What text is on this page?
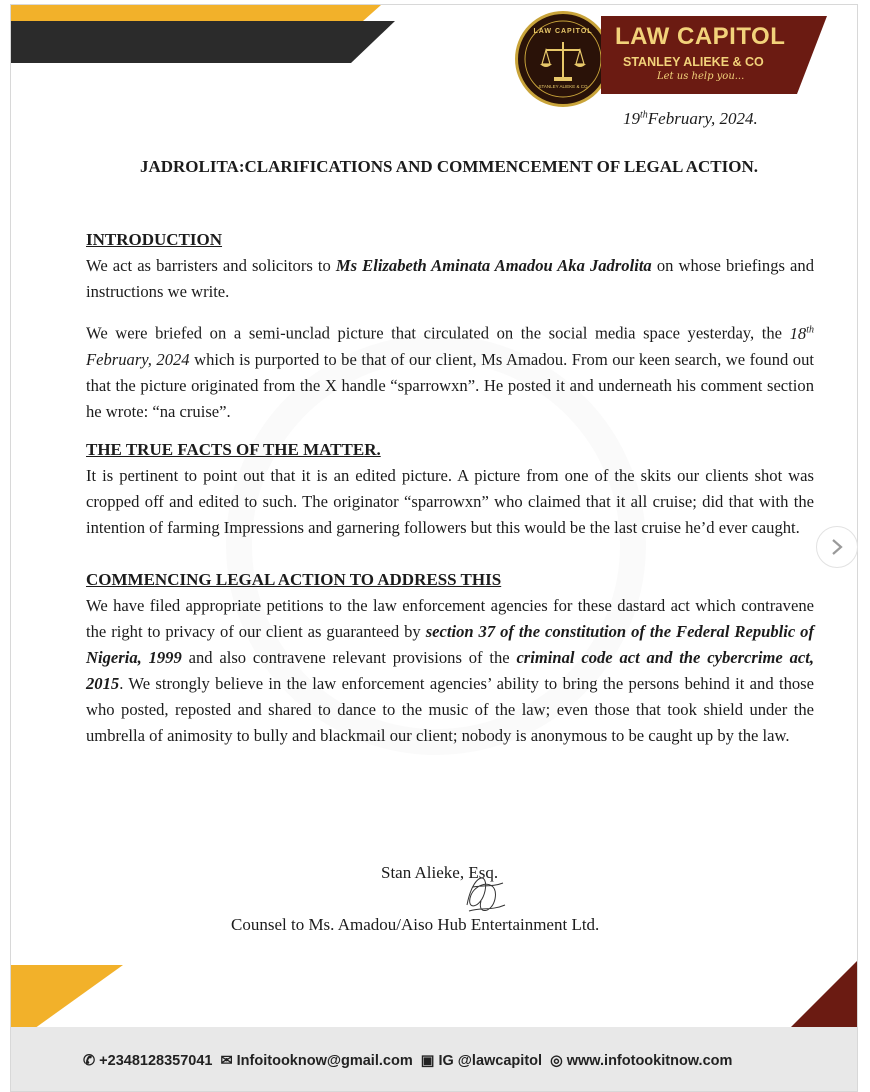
LAW CAPITOL
STANLEY ALIEKE & CO
LAW CAPITOL
STANLEY ALIEKE & CO
Let us help you...
19thFebruary, 2024.
JADROLITA:CLARIFICATIONS AND COMMENCEMENT OF LEGAL ACTION.
INTRODUCTION

We act as barristers and solicitors to Ms Elizabeth Aminata Amadou Aka Jadrolita on whose briefings and instructions we write.

We were briefed on a semi-unclad picture that circulated on the social media space yesterday, the 18th February, 2024 which is purported to be that of our client, Ms Amadou. From our keen search, we found out that the picture originated from the X handle “sparrowxn”. He posted it and underneath his comment section he wrote: “na cruise”.

THE TRUE FACTS OF THE MATTER.

It is pertinent to point out that it is an edited picture. A picture from one of the skits our clients shot was cropped off and edited to such. The originator “sparrowxn” who claimed that it all cruise; did that with the intention of farming Impressions and garnering followers but this would be the last cruise he’d ever caught.

COMMENCING LEGAL ACTION TO ADDRESS THIS

We have filed appropriate petitions to the law enforcement agencies for these dastard act which contravene the right to privacy of our client as guaranteed by section 37 of the constitution of the Federal Republic of Nigeria, 1999 and also contravene relevant provisions of the criminal code act and the cybercrime act, 2015. We strongly believe in the law enforcement agencies’ ability to bring the persons behind it and those who posted, reposted and shared to dance to the music of the law; even those that took shield under the umbrella of animosity to bully and blackmail our client; nobody is anonymous to be caught up by the law.

Stan Alieke, Esq.
Counsel to Ms. Amadou/Aiso Hub Entertainment Ltd.
✆ +2348128357041 ✉ Infoitooknow@gmail.com ▣ IG @lawcapitol ◎ www.infotookitnow.com
